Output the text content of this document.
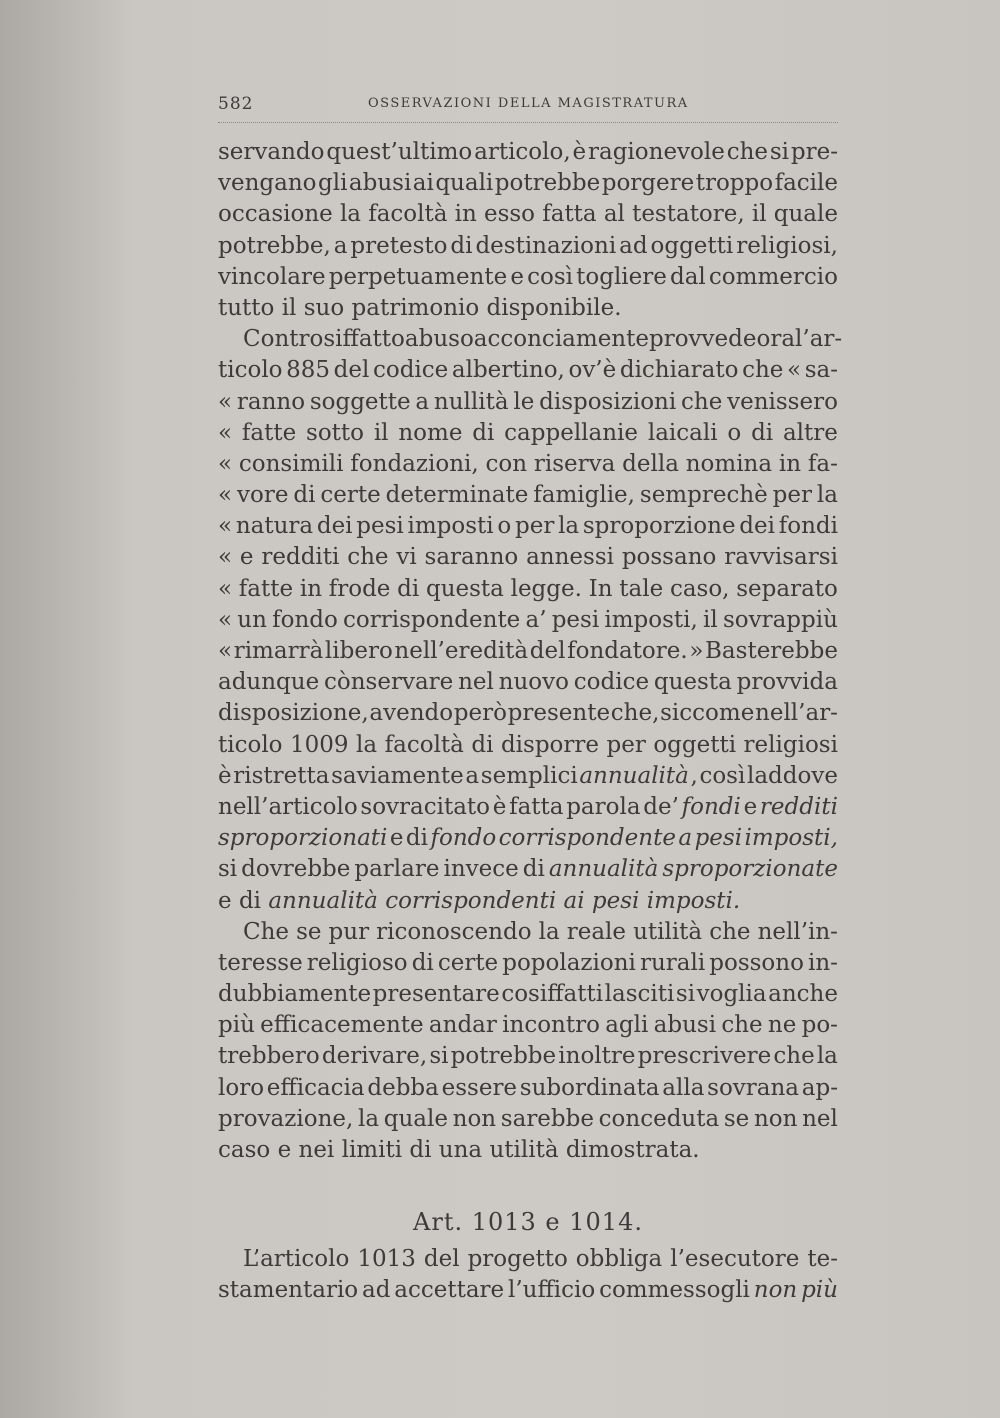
582	OSSERVAZIONI DELLA MAGISTRATURA
servando quest’ultimo articolo, è ragionevole che si pre-
vengano gli abusi ai quali potrebbe porgere troppo facile
occasione la facoltà in esso fatta al testatore, il quale
potrebbe, a pretesto di destinazioni ad oggetti religiosi,
vincolare perpetuamente e così togliere dal commercio
tutto
il
suo
patrimonio
disponibile.
Contro siffatto abuso acconciamente provvede ora l’ar-
ticolo 885 del codice albertino, ov’è dichiarato che « sa-
« ranno soggette a nullità le disposizioni che venissero
« fatte sotto il nome di cappellanie laicali o di altre
« consimili fondazioni, con riserva della nomina in fa-
« vore di certe determinate famiglie, semprechè per la
« natura dei pesi imposti o per la sproporzione dei fondi
« e redditi che vi saranno annessi possano ravvisarsi
« fatte in frode di questa legge. In tale caso, separato
« un fondo corrispondente a’ pesi imposti, il sovrappiù
« rimarrà libero nell’eredità del fondatore. » Basterebbe
adunque cònservare nel nuovo codice questa provvida
disposizione, avendo però presente che, siccome nell’ar-
ticolo 1009 la facoltà di disporre per oggetti religiosi
è ristretta saviamente a semplici annualità , così laddove
nell’articolo sovracitato è fatta parola de’ fondi e redditi
sproporzionati e di fondo corrispondente a pesi imposti,
si dovrebbe parlare invece di annualità sproporzionate
e
di
annualità
corrispondenti
ai
pesi
imposti.
Che se pur riconoscendo la reale utilità che nell’in-
teresse religioso di certe popolazioni rurali possono in-
dubbiamente presentare cosiffatti lasciti si voglia anche
più efficacemente andar incontro agli abusi che ne po-
trebbero derivare, si potrebbe inoltre prescrivere che la
loro efficacia debba essere subordinata alla sovrana ap-
provazione, la quale non sarebbe conceduta se non nel
caso
e
nei
limiti
di
una
utilità
dimostrata.
Art. 1013 e 1014.
L’articolo 1013 del progetto obbliga l’esecutore te-
stamentario ad accettare l’ufficio commessogli non più
